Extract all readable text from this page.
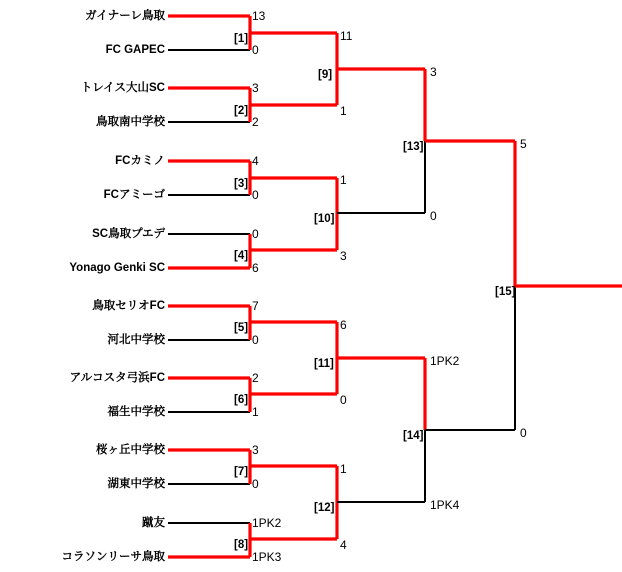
ガイナーレ鳥取
FC GAPEC
トレイス大山SC
鳥取南中学校
FCカミノ
FCアミーゴ
SC鳥取プエデ
Yonago Genki SC
鳥取セリオFC
河北中学校
アルコスタ弓浜FC
福生中学校
桜ヶ丘中学校
湖東中学校
蹴友
コラソンリーサ鳥取
13
0
3
2
4
0
0
6
7
0
2
1
3
0
1PK2
1PK3
11
1
1
3
6
0
1
4
3
0
1PK2
1PK4
5
0
[1]
[2]
[3]
[4]
[5]
[6]
[7]
[8]
[9]
[10]
[11]
[12]
[13]
[14]
[15]
